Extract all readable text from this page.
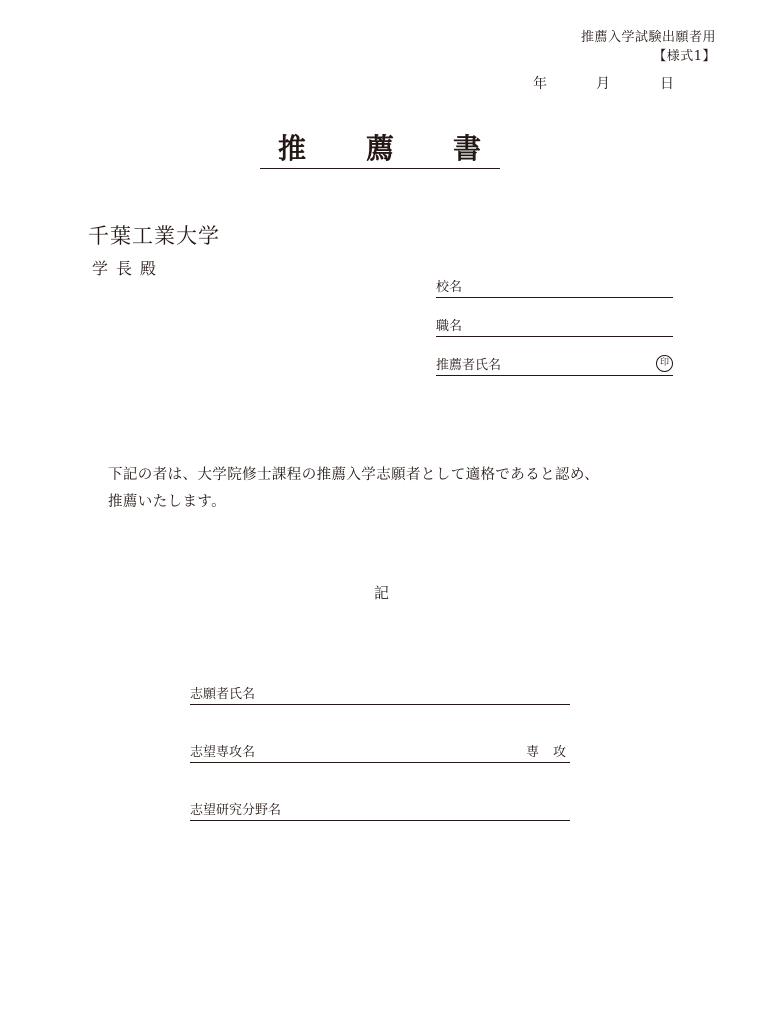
推薦入学試験出願者用
【様式1】
年	月	日
推 薦 書
千葉工業大学
学長殿
校名
職名
推薦者氏名	印

下記の者は、大学院修士課程の推薦入学志願者として適格であると認め、

推薦いたします。

記
志願者氏名
志望専攻名	専攻
志望研究分野名
